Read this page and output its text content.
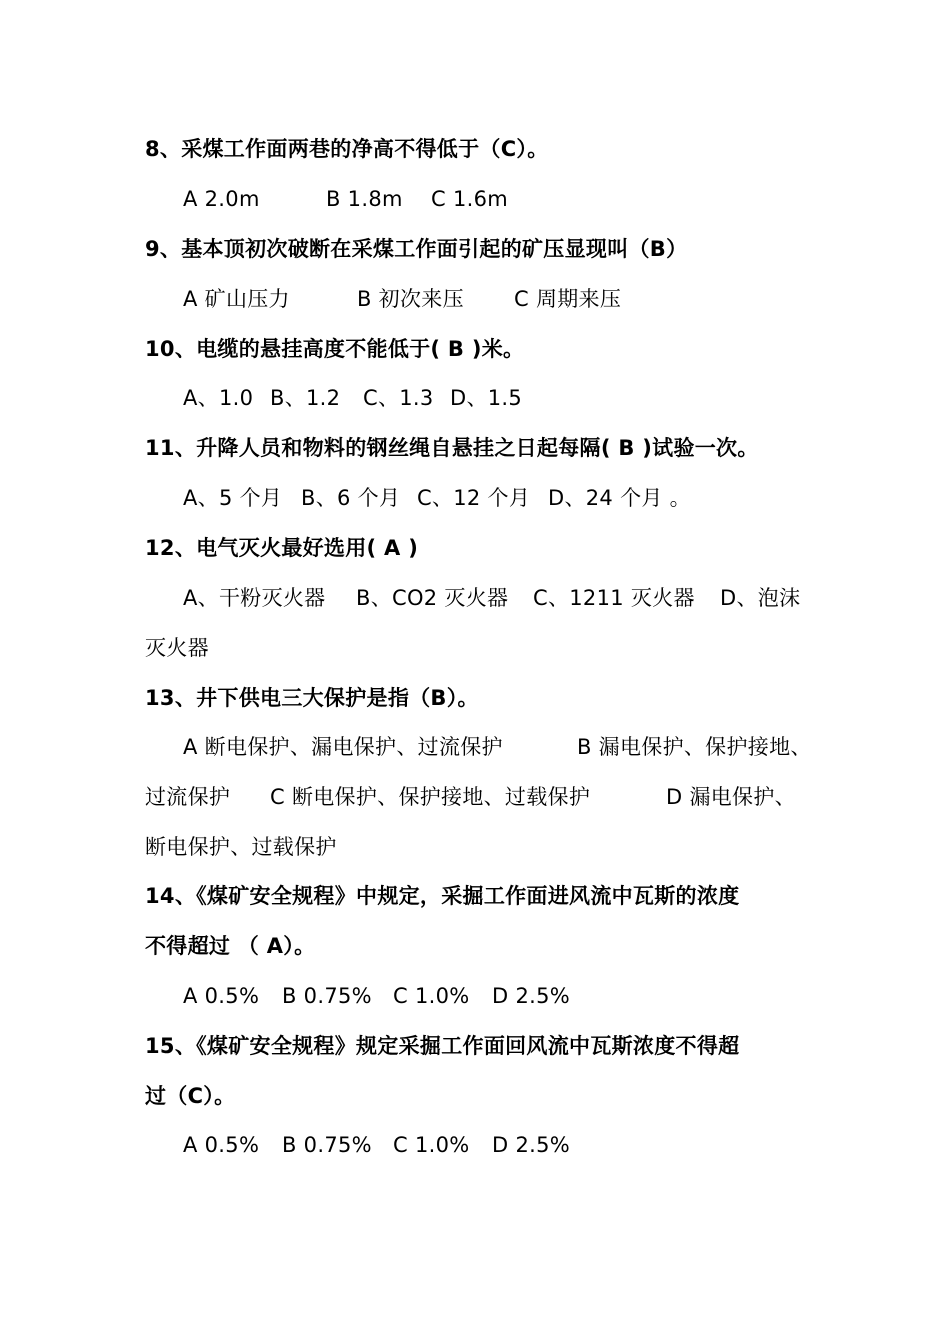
8、采煤工作面两巷的净高不得低于（C）。
A 2.0m	B 1.8m C 1.6m
9、基本顶初次破断在采煤工作面引起的矿压显现叫（B）
A 矿山压力	B 初次来压 C 周期来压
10、电缆的悬挂高度不能低于( B )米。
A、1.0 B、1.2 C、1.3 D、1.5
11、升降人员和物料的钢丝绳自悬挂之日起每隔( B )试验一次。
A、5 个月 B、6 个月 C、12 个月 D、24 个月 。
12、电气灭火最好选用( A )
A、干粉灭火器 B、CO2 灭火器 C、1211 灭火器 D、泡沫
灭火器
13、井下供电三大保护是指（B）。
A 断电保护、漏电保护、过流保护	B 漏电保护、保护接地、
过流保护 C 断电保护、保护接地、过载保护	D 漏电保护、
断电保护、过载保护
14、《煤矿安全规程》中规定，采掘工作面进风流中瓦斯的浓度
不得超过 （ A）。
A 0.5% B 0.75% C 1.0% D 2.5%
15、《煤矿安全规程》规定采掘工作面回风流中瓦斯浓度不得超
过（C）。
A 0.5% B 0.75% C 1.0% D 2.5%
